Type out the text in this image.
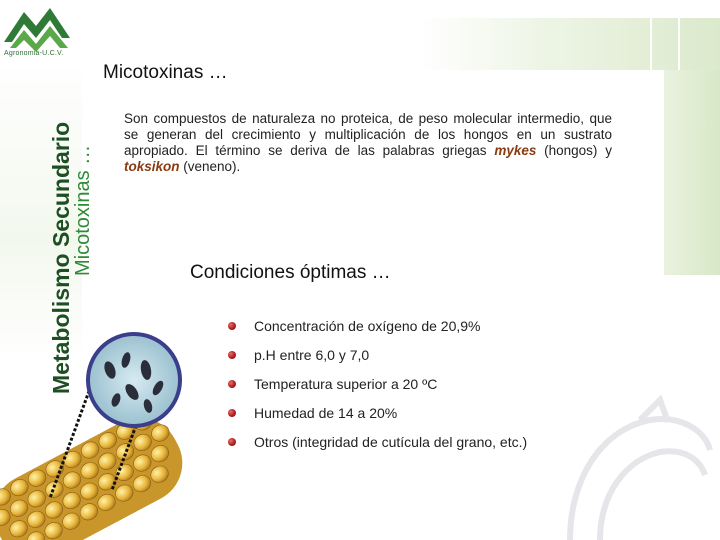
Agronomia-U.C.V.
Metabolismo Secundario
Micotoxinas …
Micotoxinas …
Son compuestos de naturaleza no proteica, de peso molecular intermedio, que se generan del crecimiento y multiplicación de los hongos en un sustrato apropiado. El término se deriva de las palabras griegas mykes (hongos) y toksikon (veneno).
Condiciones óptimas …
Concentración de oxígeno de 20,9%
p.H entre 6,0 y 7,0
Temperatura superior a 20 ºC
Humedad de 14 a 20%
Otros (integridad de cutícula del grano, etc.)
